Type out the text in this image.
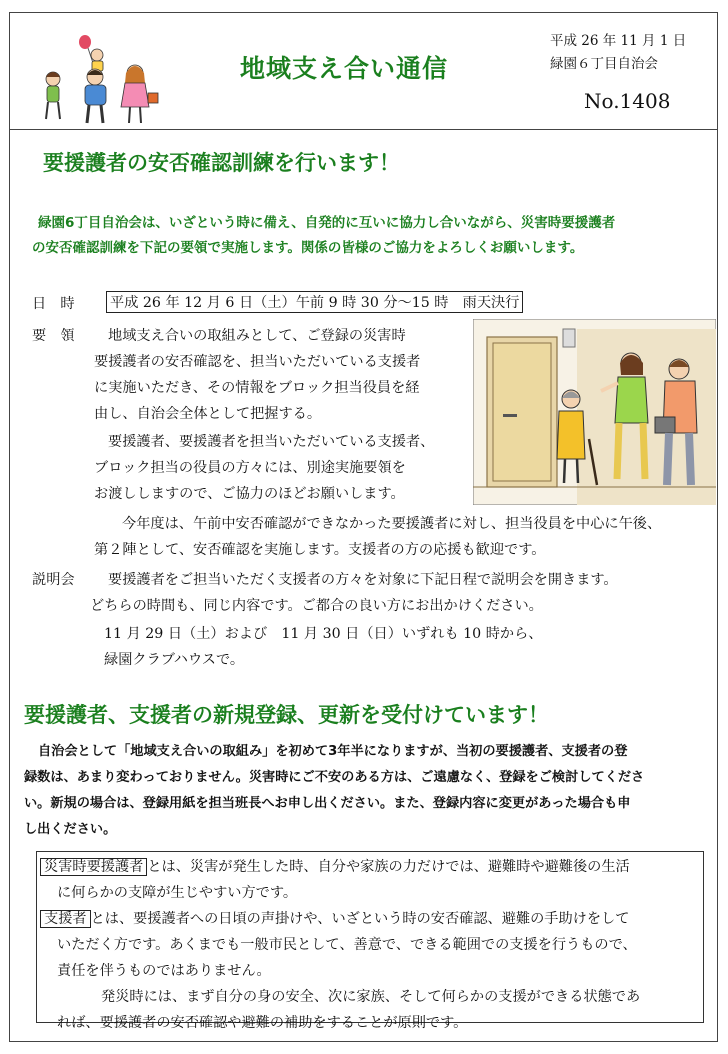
地域支え合い通信
平成 26 年 11 月 1 日
緑園６丁目自治会
No.1408
要援護者の安否確認訓練を行います！
緑園6丁目自治会は、いざという時に備え、自発的に互いに協力し合いながら、災害時要援護者
の安否確認訓練を下記の要領で実施します。関係の皆様のご協力をよろしくお願いします。
日　時 平成 26 年 12 月 6 日（土）午前 9 時 30 分～15 時　雨天決行
要　領 地域支え合いの取組みとして、ご登録の災害時
要援護者の安否確認を、担当いただいている支援者
に実施いただき、その情報をブロック担当役員を経
由し、自治会全体として把握する。
要援護者、要援護者を担当いただいている支援者、
ブロック担当の役員の方々には、別途実施要領を
お渡ししますので、ご協力のほどお願いします。
今年度は、午前中安否確認ができなかった要援護者に対し、担当役員を中心に午後、
第２陣として、安否確認を実施します。支援者の方の応援も歓迎です。
説明会 要援護者をご担当いただく支援者の方々を対象に下記日程で説明会を開きます。
どちらの時間も、同じ内容です。ご都合の良い方にお出かけください。
11 月 29 日（土）および　11 月 30 日（日）いずれも 10 時から、
緑園クラブハウスで。
要援護者、支援者の新規登録、更新を受付けています！
自治会として「地域支え合いの取組み」を初めて3年半になりますが、当初の要援護者、支援者の登
録数は、あまり変わっておりません。災害時にご不安のある方は、ご遠慮なく、登録をご検討してくださ
い。新規の場合は、登録用紙を担当班長へお申し出ください。また、登録内容に変更があった場合も申
し出ください。
災害時要援護者 とは、災害が発生した時、自分や家族の力だけでは、避難時や避難後の生活
に何らかの支障が生じやすい方です。
支援者 とは、要援護者への日頃の声掛けや、いざという時の安否確認、避難の手助けをして
いただく方です。あくまでも一般市民として、善意で、できる範囲での支援を行うもので、
責任を伴うものではありません。
発災時には、まず自分の身の安全、次に家族、そして何らかの支援ができる状態であ
れば、要援護者の安否確認や避難の補助をすることが原則です。
